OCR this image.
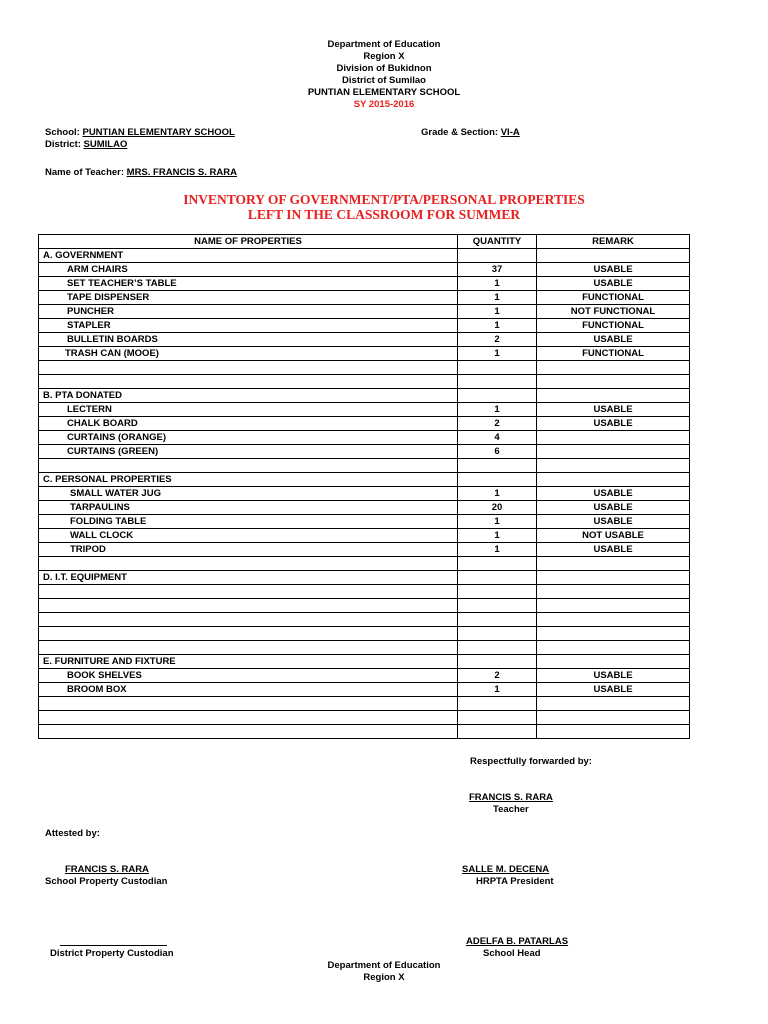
Department of Education
Region X
Division of Bukidnon
District of Sumilao
PUNTIAN ELEMENTARY SCHOOL
SY 2015-2016
School: PUNTIAN ELEMENTARY SCHOOL	Grade & Section: VI-A
District: SUMILAO
Name of Teacher: MRS. FRANCIS S. RARA
INVENTORY OF GOVERNMENT/PTA/PERSONAL PROPERTIES
LEFT IN THE CLASSROOM FOR SUMMER
NAME OF PROPERTIES	QUANTITY	REMARK
A. GOVERNMENT		
ARM CHAIRS	37	USABLE
SET TEACHER’S TABLE	1	USABLE
TAPE DISPENSER	1	FUNCTIONAL
PUNCHER	1	NOT FUNCTIONAL
STAPLER	1	FUNCTIONAL
BULLETIN BOARDS	2	USABLE
TRASH CAN (MOOE)	1	FUNCTIONAL

B. PTA DONATED		
LECTERN	1	USABLE
CHALK BOARD	2	USABLE
CURTAINS (ORANGE)	4	
CURTAINS (GREEN)	6	

C. PERSONAL PROPERTIES		
SMALL WATER JUG	1	USABLE
TARPAULINS	20	USABLE
FOLDING TABLE	1	USABLE
WALL CLOCK	1	NOT USABLE
TRIPOD	1	USABLE

D. I.T. EQUIPMENT		

E. FURNITURE AND FIXTURE		
BOOK SHELVES	2	USABLE
BROOM BOX	1	USABLE

Respectfully forwarded by:
FRANCIS S. RARA
Teacher
Attested by:
FRANCIS S. RARA
School Property Custodian
SALLE M. DECENA
HRPTA President
District Property Custodian
ADELFA B. PATARLAS
School Head
Department of Education
Region X
